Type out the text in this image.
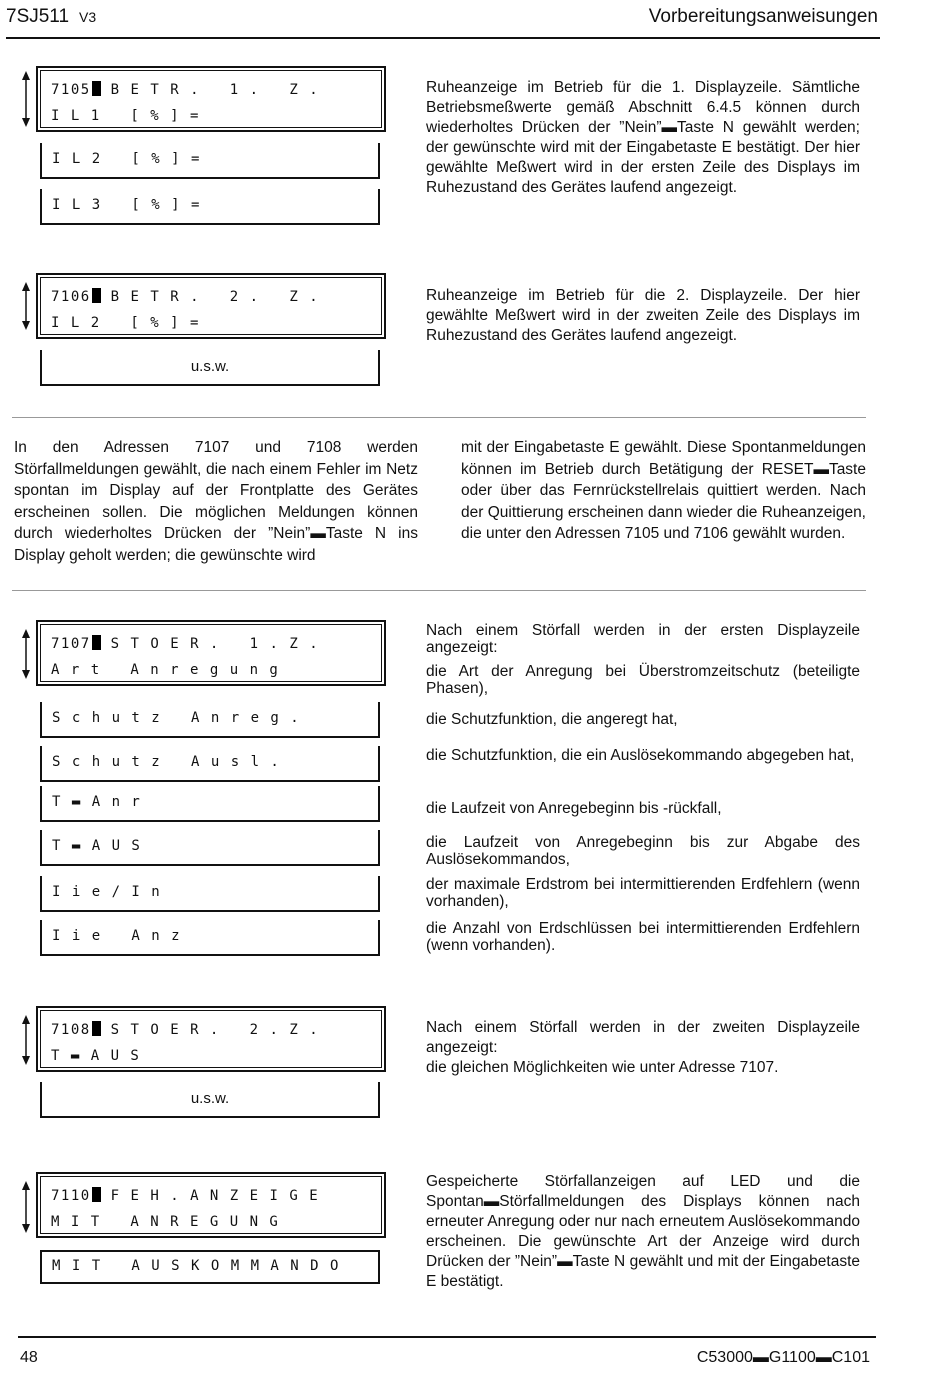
7SJ511 V3	Vorbereitungsanweisungen
7105 B E T R .   1 .   Z .
I L 1   [ % ] =
I L 2   [ % ] =
I L 3   [ % ] =
Ruheanzeige im Betrieb für die 1. Displayzeile. Sämtliche Betriebsmeßwerte gemäß Abschnitt 6.4.5 können durch wiederholtes Drücken der ”Nein”▬Taste N gewählt werden; der gewünschte wird mit der Eingabetaste E bestätigt. Der hier gewählte Meßwert wird in der ersten Zeile des Displays im Ruhezustand des Gerätes laufend angezeigt.
7106 B E T R .   2 .   Z .
I L 2   [ % ] =
u.s.w.
Ruheanzeige im Betrieb für die 2. Displayzeile. Der hier gewählte Meßwert wird in der zweiten Zeile des Displays im Ruhezustand des Gerätes laufend angezeigt.
In den Adressen 7107 und 7108 werden Störfallmeldungen gewählt, die nach einem Fehler im Netz spontan im Display auf der Frontplatte des Gerätes erscheinen sollen. Die möglichen Meldungen können durch wiederholtes Drücken der ”Nein”▬Taste N ins Display geholt werden; die gewünschte wird
mit der Eingabetaste E gewählt. Diese Spontanmeldungen können im Betrieb durch Betätigung der RESET▬Taste oder über das Fernrückstellrelais quittiert werden. Nach der Quittierung erscheinen dann wieder die Ruheanzeigen, die unter den Adressen 7105 und 7106 gewählt wurden.
7107 S T O E R .   1 . Z .
A r t   A n r e g u n g
S c h u t z   A n r e g .
S c h u t z   A u s l .
T ▬ A n r
T ▬ A U S
I i e / I n
I i e   A n z
Nach einem Störfall werden in der ersten Displayzeile angezeigt:
die Art der Anregung bei Überstromzeitschutz (beteiligte Phasen),
die Schutzfunktion, die angeregt hat,
die Schutzfunktion, die ein Auslösekommando abgegeben hat,
die Laufzeit von Anregebeginn bis -rückfall,
die Laufzeit von Anregebeginn bis zur Abgabe des Auslösekommandos,
der maximale Erdstrom bei intermittierenden Erdfehlern (wenn vorhanden),
die Anzahl von Erdschlüssen bei intermittierenden Erdfehlern (wenn vorhanden).
7108 S T O E R .   2 . Z .
T ▬ A U S
u.s.w.
Nach einem Störfall werden in der zweiten Displayzeile angezeigt:
die gleichen Möglichkeiten wie unter Adresse 7107.
7110 F E H . A N Z E I G E
M I T   A N R E G U N G
M I T   A U S K O M M A N D O
Gespeicherte Störfallanzeigen auf LED und die Spontan▬Störfallmeldungen des Displays können nach erneuter Anregung oder nur nach erneutem Auslösekommando erscheinen. Die gewünschte Art der Anzeige wird durch Drücken der ”Nein”▬Taste N gewählt und mit der Eingabetaste E bestätigt.
48	C53000▬G1100▬C101
